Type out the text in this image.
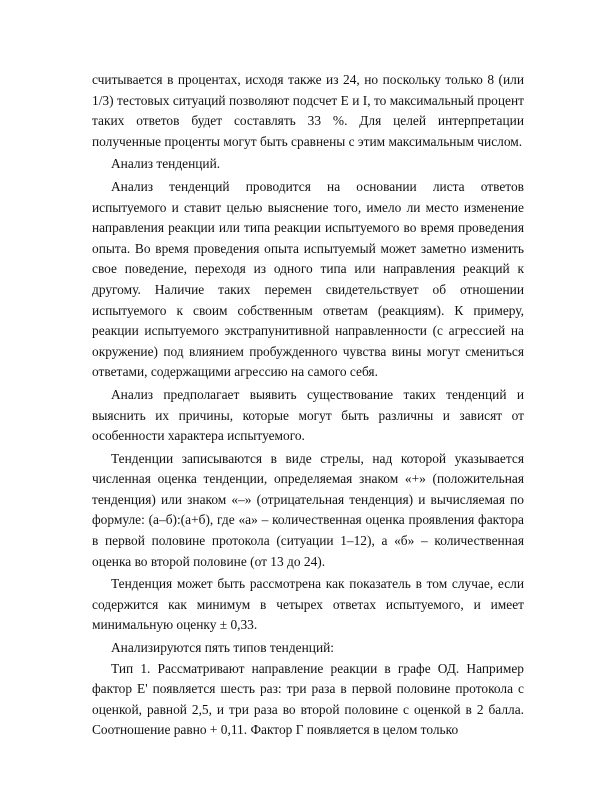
считывается в процентах, исходя также из 24, но поскольку только 8 (или 1/3) тестовых ситуаций позволяют подсчет Е и I, то максимальный процент таких ответов будет составлять 33 %. Для целей интерпретации полученные проценты могут быть сравнены с этим максимальным числом.

Анализ тенденций.

Анализ тенденций проводится на основании листа ответов испытуемого и ставит целью выяснение того, имело ли место изменение направления реакции или типа реакции испытуемого во время проведения опыта. Во время проведения опыта испытуемый может заметно изменить свое поведение, переходя из одного типа или направления реакций к другому. Наличие таких перемен свидетельствует об отношении испытуемого к своим собственным ответам (реакциям). К примеру, реакции испытуемого экстрапунитивной направленности (с агрессией на окружение) под влиянием пробужденного чувства вины могут смениться ответами, содержащими агрессию на самого себя.

Анализ предполагает выявить существование таких тенденций и выяснить их причины, которые могут быть различны и зависят от особенности характера испытуемого.

Тенденции записываются в виде стрелы, над которой указывается численная оценка тенденции, определяемая знаком «+» (положительная тенденция) или знаком «–» (отрицательная тенденция) и вычисляемая по формуле: (а–б):(а+б), где «а» – количественная оценка проявления фактора в первой половине протокола (ситуации 1–12), а «б» – количественная оценка во второй половине (от 13 до 24).

Тенденция может быть рассмотрена как показатель в том случае, если содержится как минимум в четырех ответах испытуемого, и имеет минимальную оценку ± 0,33.

Анализируются пять типов тенденций:

Тип 1. Рассматривают направление реакции в графе ОД. Например фактор Е' появляется шесть раз: три раза в первой половине протокола с оценкой, равной 2,5, и три раза во второй половине с оценкой в 2 балла. Соотношение равно + 0,11. Фактор Г появляется в целом только
